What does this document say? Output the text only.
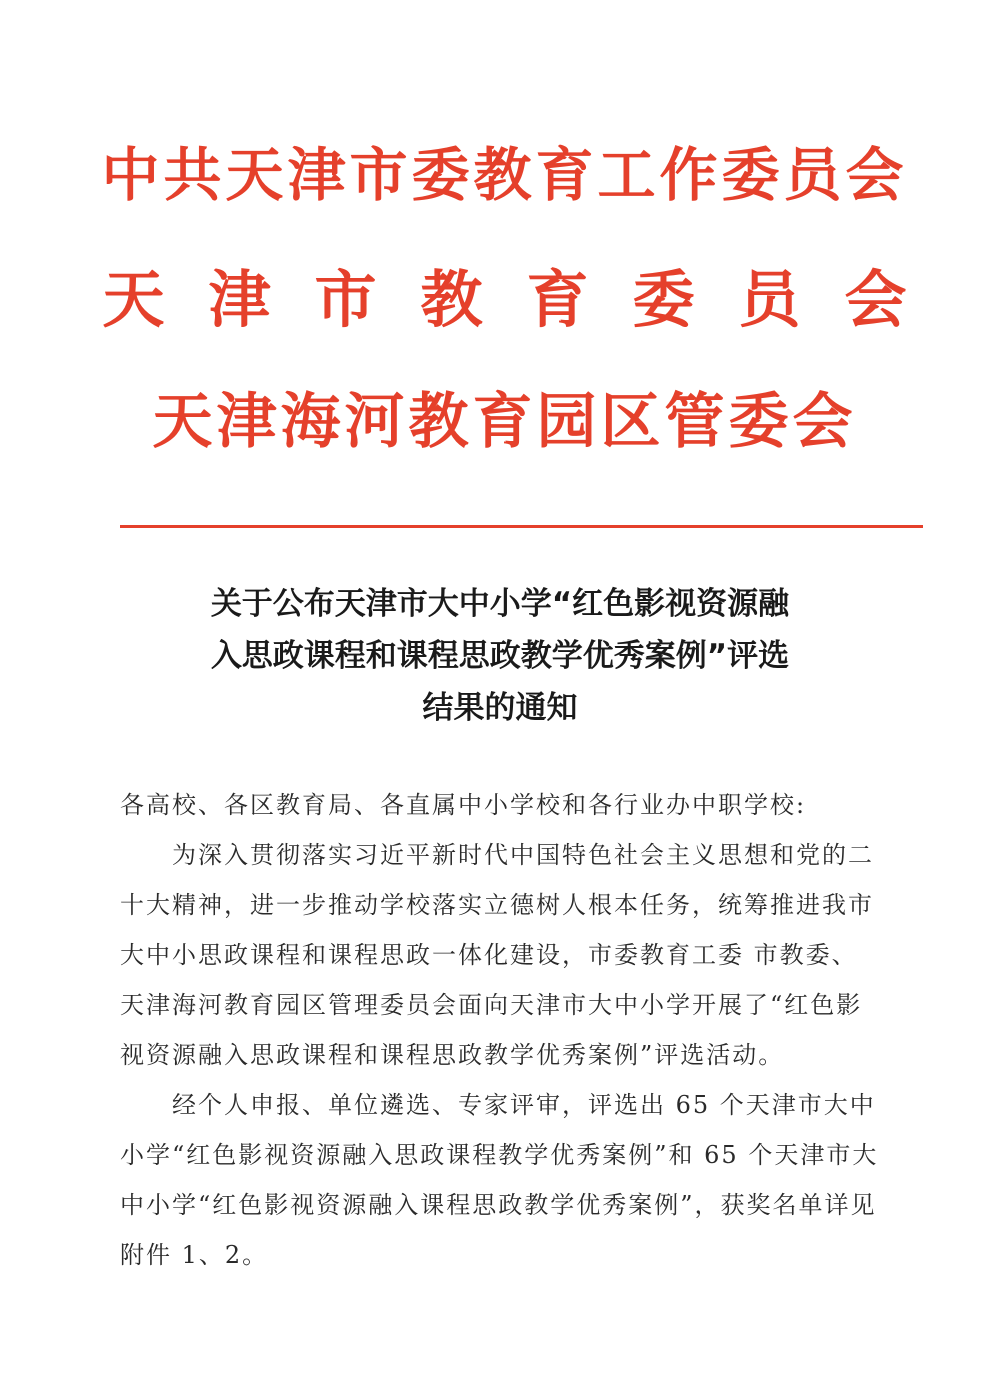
中共天津市委教育工作委员会
天津市教育委员会
天津海河教育园区管委会
关于公布天津市大中小学“红色影视资源融
入思政课程和课程思政教学优秀案例”评选
结果的通知

各高校、各区教育局、各直属中小学校和各行业办中职学校:

为深入贯彻落实习近平新时代中国特色社会主义思想和党的二十大精神，进一步推动学校落实立德树人根本任务，统筹推进我市大中小思政课程和课程思政一体化建设，市委教育工委 市教委、天津海河教育园区管理委员会面向天津市大中小学开展了“红色影视资源融入思政课程和课程思政教学优秀案例”评选活动。

经个人申报、单位遴选、专家评审，评选出 65 个天津市大中小学“红色影视资源融入思政课程教学优秀案例”和 65 个天津市大中小学“红色影视资源融入课程思政教学优秀案例”，获奖名单详见附件 1、2。
